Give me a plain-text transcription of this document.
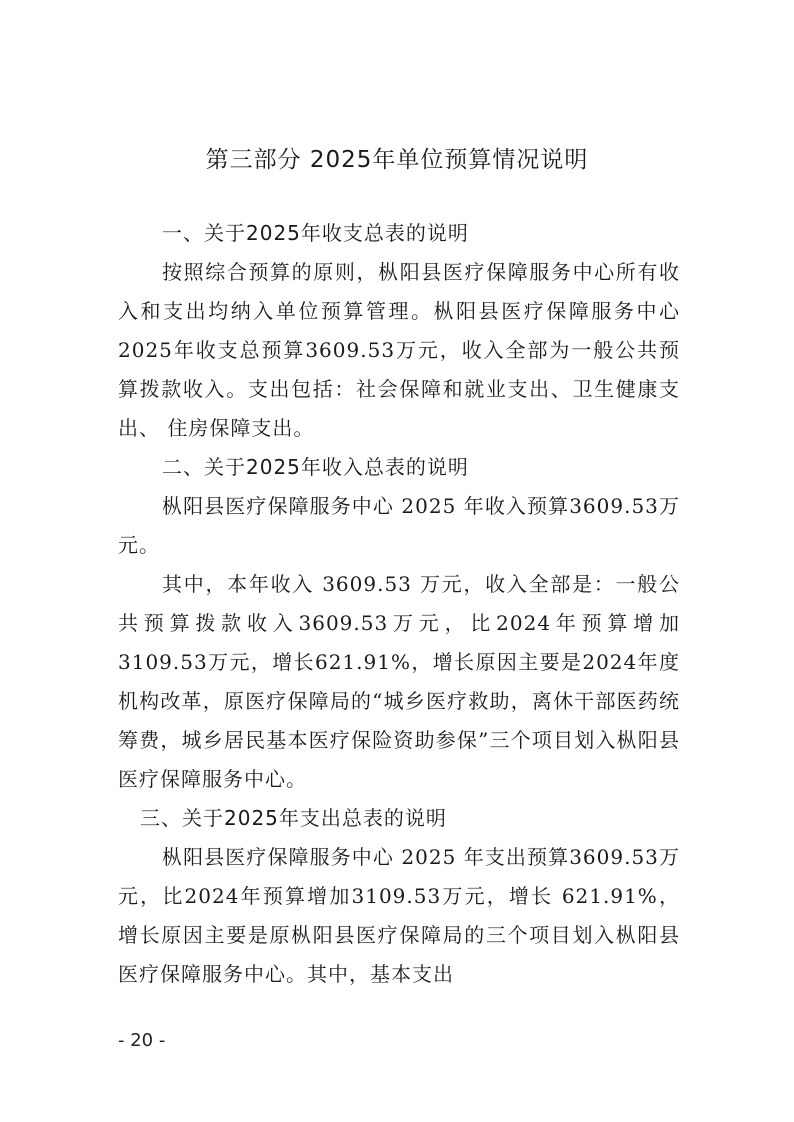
第三部分 2025年单位预算情况说明

一、关于2025年收支总表的说明

按照综合预算的原则，枞阳县医疗保障服务中心所有收入和支出均纳入单位预算管理。枞阳县医疗保障服务中心2025年收支总预算3609.53万元，收入全部为一般公共预算拨款收入。支出包括：社会保障和就业支出、卫生健康支出、 住房保障支出。

二、关于2025年收入总表的说明

枞阳县医疗保障服务中心 2025 年收入预算3609.53万元。

其中，本年收入 3609.53 万元，收入全部是：一般公共预算拨款收入3609.53万元，比2024年预算增加3109.53万元，增长621.91%，增长原因主要是2024年度机构改革，原医疗保障局的“城乡医疗救助，离休干部医药统筹费，城乡居民基本医疗保险资助参保”三个项目划入枞阳县医疗保障服务中心。

三、关于2025年支出总表的说明

枞阳县医疗保障服务中心 2025 年支出预算3609.53万元，比2024年预算增加3109.53万元，增长 621.91%，增长原因主要是原枞阳县医疗保障局的三个项目划入枞阳县医疗保障服务中心。其中，基本支出

- 20 -
